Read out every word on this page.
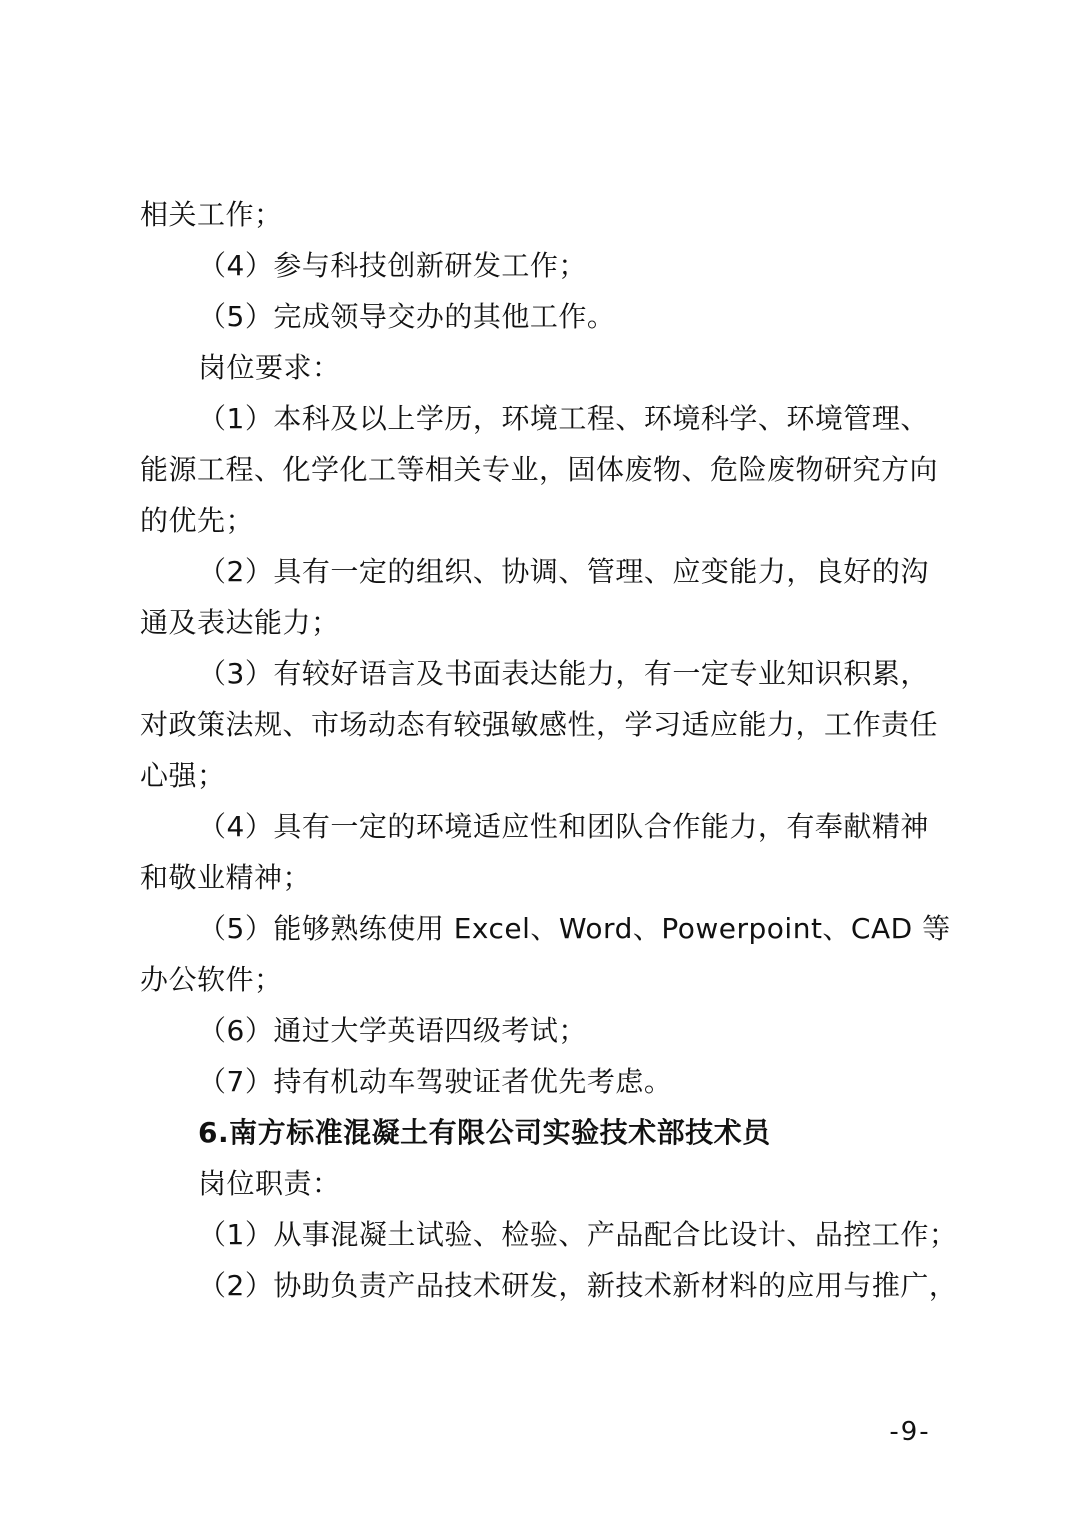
相关工作；
（4）参与科技创新研发工作；
（5）完成领导交办的其他工作。
岗位要求：
（1）本科及以上学历，环境工程、环境科学、环境管理、
能源工程、化学化工等相关专业，固体废物、危险废物研究方向
的优先；
（2）具有一定的组织、协调、管理、应变能力，良好的沟
通及表达能力；
（3）有较好语言及书面表达能力，有一定专业知识积累，
对政策法规、市场动态有较强敏感性，学习适应能力，工作责任
心强；
（4）具有一定的环境适应性和团队合作能力，有奉献精神
和敬业精神；
（5）能够熟练使用 Excel、Word、Powerpoint、CAD 等
办公软件；
（6）通过大学英语四级考试；
（7）持有机动车驾驶证者优先考虑。
6.南方标准混凝土有限公司实验技术部技术员
岗位职责：
（1）从事混凝土试验、检验、产品配合比设计、品控工作；
（2）协助负责产品技术研发，新技术新材料的应用与推广，
-9-
